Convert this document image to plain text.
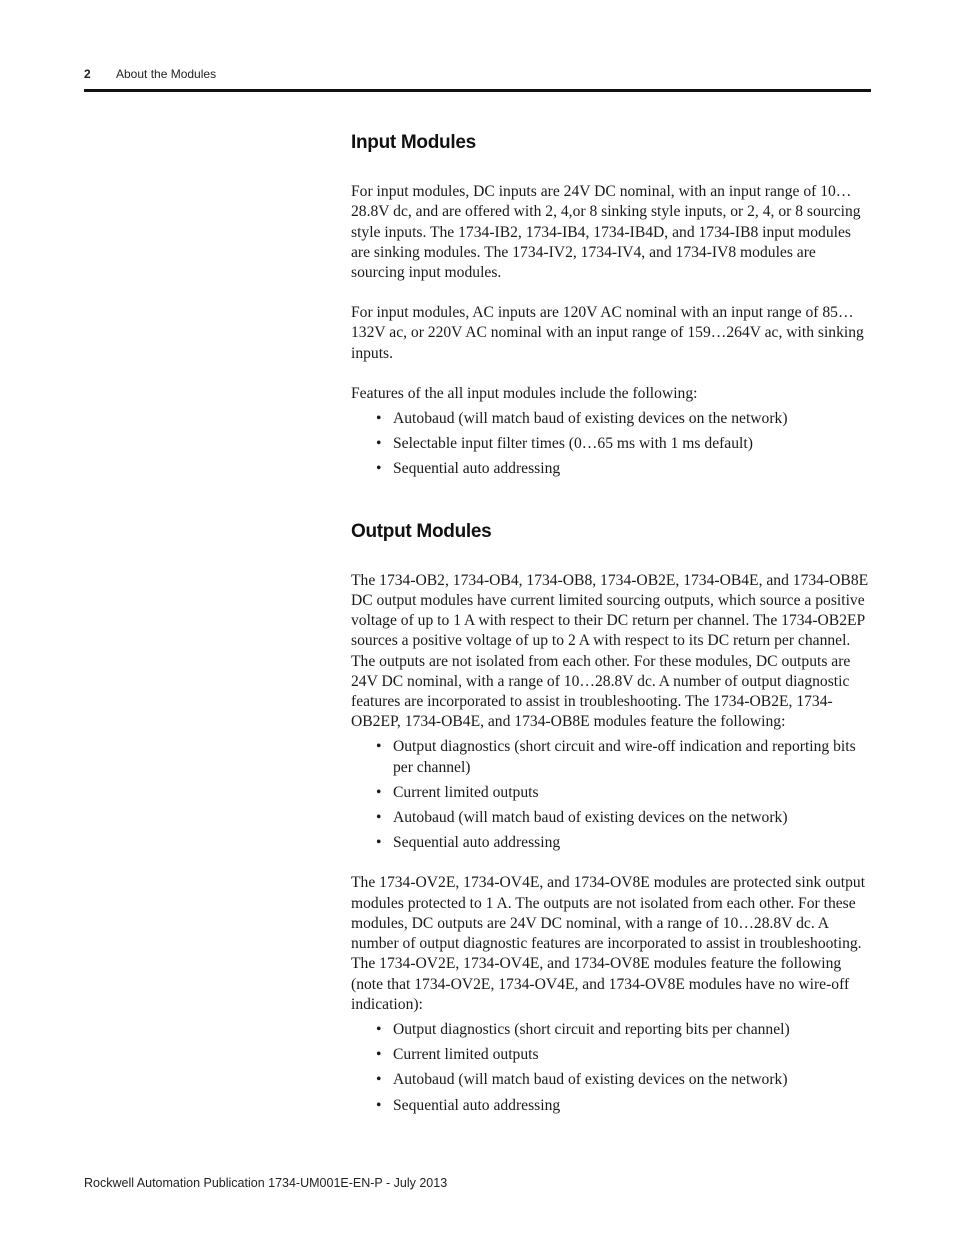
2 About the Modules
Input Modules

For input modules, DC inputs are 24V DC nominal, with an input range of 10…28.8V dc, and are offered with 2, 4,or 8 sinking style inputs, or 2, 4, or 8 sourcing style inputs. The 1734-IB2, 1734-IB4, 1734-IB4D, and 1734-IB8 input modules are sinking modules. The 1734-IV2, 1734-IV4, and 1734-IV8 modules are sourcing input modules.

For input modules, AC inputs are 120V AC nominal with an input range of 85…132V ac, or 220V AC nominal with an input range of 159…264V ac, with sinking inputs.

Features of the all input modules include the following:

• Autobaud (will match baud of existing devices on the network)
• Selectable input filter times (0…65 ms with 1 ms default)
• Sequential auto addressing
Output Modules

The 1734-OB2, 1734-OB4, 1734-OB8, 1734-OB2E, 1734-OB4E, and 1734-OB8E DC output modules have current limited sourcing outputs, which source a positive voltage of up to 1 A with respect to their DC return per channel. The 1734-OB2EP sources a positive voltage of up to 2 A with respect to its DC return per channel. The outputs are not isolated from each other. For these modules, DC outputs are 24V DC nominal, with a range of 10…28.8V dc. A number of output diagnostic features are incorporated to assist in troubleshooting. The 1734-OB2E, 1734-OB2EP, 1734-OB4E, and 1734-OB8E modules feature the following:

• Output diagnostics (short circuit and wire-off indication and reporting bits per channel)
• Current limited outputs
• Autobaud (will match baud of existing devices on the network)
• Sequential auto addressing

The 1734-OV2E, 1734-OV4E, and 1734-OV8E modules are protected sink output modules protected to 1 A. The outputs are not isolated from each other. For these modules, DC outputs are 24V DC nominal, with a range of 10…28.8V dc. A number of output diagnostic features are incorporated to assist in troubleshooting. The 1734-OV2E, 1734-OV4E, and 1734-OV8E modules feature the following (note that 1734-OV2E, 1734-OV4E, and 1734-OV8E modules have no wire-off indication):

• Output diagnostics (short circuit and reporting bits per channel)
• Current limited outputs
• Autobaud (will match baud of existing devices on the network)
• Sequential auto addressing
Rockwell Automation Publication 1734-UM001E-EN-P - July 2013
